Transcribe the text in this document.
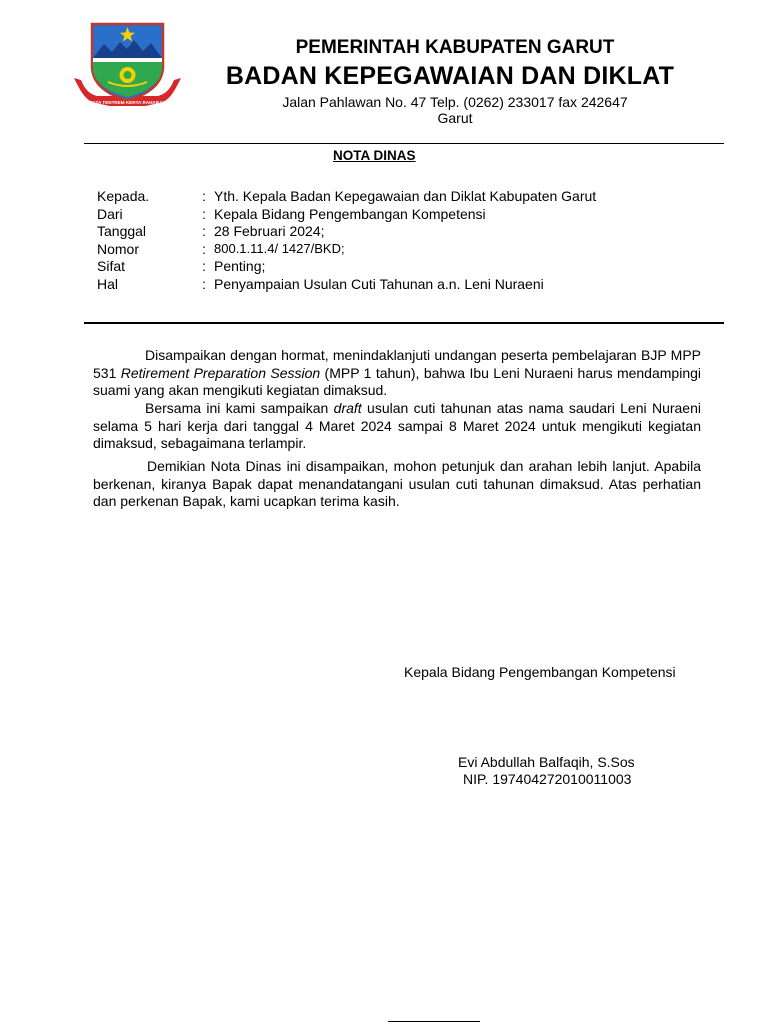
TATA TENTREM KERTA RAHARJA
PEMERINTAH KABUPATEN GARUT
BADAN KEPEGAWAIAN DAN DIKLAT
Jalan Pahlawan No. 47 Telp. (0262) 233017 fax 242647
Garut
NOTA DINAS
Kepada.	: Yth. Kepala Badan Kepegawaian dan Diklat Kabupaten Garut
Dari	: Kepala Bidang Pengembangan Kompetensi
Tanggal	: 28 Februari 2024;
Nomor	: 800.1.11.4/ 1427/BKD;
Sifat	: Penting;
Hal	: Penyampaian Usulan Cuti Tahunan a.n. Leni Nuraeni
Disampaikan dengan hormat, menindaklanjuti undangan peserta pembelajaran BJP MPP 531 Retirement Preparation Session (MPP 1 tahun), bahwa Ibu Leni Nuraeni harus mendampingi suami yang akan mengikuti kegiatan dimaksud.
Bersama ini kami sampaikan draft usulan cuti tahunan atas nama saudari Leni Nuraeni selama 5 hari kerja dari tanggal 4 Maret 2024 sampai 8 Maret 2024 untuk mengikuti kegiatan dimaksud, sebagaimana terlampir.
Demikian Nota Dinas ini disampaikan, mohon petunjuk dan arahan lebih lanjut. Apabila berkenan, kiranya Bapak dapat menandatangani usulan cuti tahunan dimaksud. Atas perhatian dan perkenan Bapak, kami ucapkan terima kasih.
Kepala Bidang Pengembangan Kompetensi
Evi Abdullah Balfaqih, S.Sos
NIP. 197404272010011003
